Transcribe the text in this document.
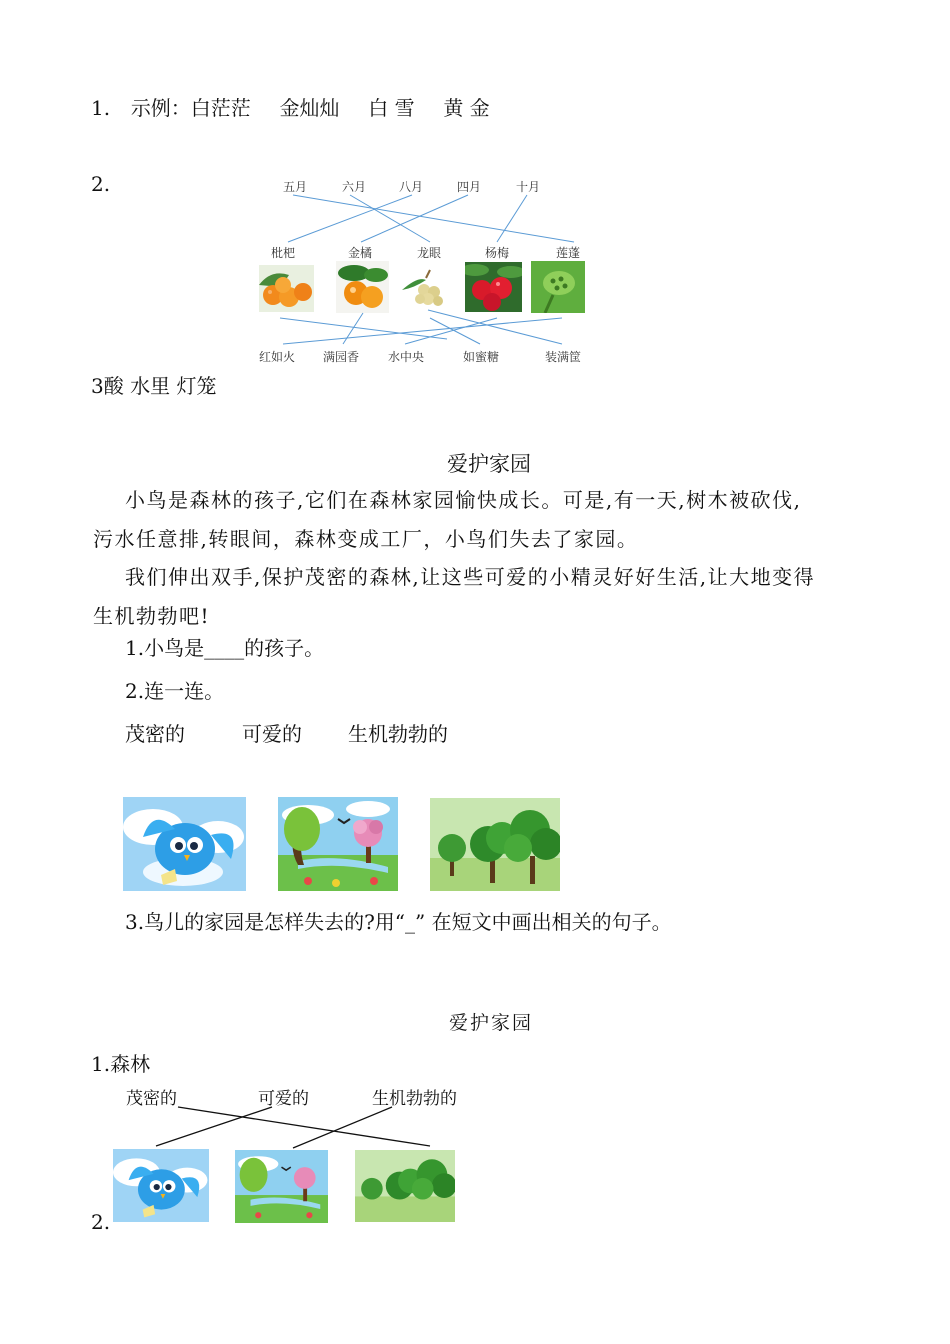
1. 示例：白茫茫 金灿灿 白 雪 黄 金
2.	五月	六月	八月	四月	十月
枇杷	金橘	龙眼	杨梅	莲蓬
红如火 满园香 水中央	如蜜糖	装满筐
3酸 水里 灯笼
爱护家园
小鸟是森林的孩子,它们在森林家园愉快成长。可是,有一天,树木被砍伐,
污水任意排,转眼间，森林变成工厂，小鸟们失去了家园。
我们伸出双手,保护茂密的森林,让这些可爱的小精灵好好生活,让大地变得
生机勃勃吧!
1.小鸟是____的孩子。
2.连一连。
茂密的	可爱的 生机勃勃的
3.鸟儿的家园是怎样失去的?用“_” 在短文中画出相关的句子。
爱护家园
1.森林
茂密的	可爱的	生机勃勃的
2.
